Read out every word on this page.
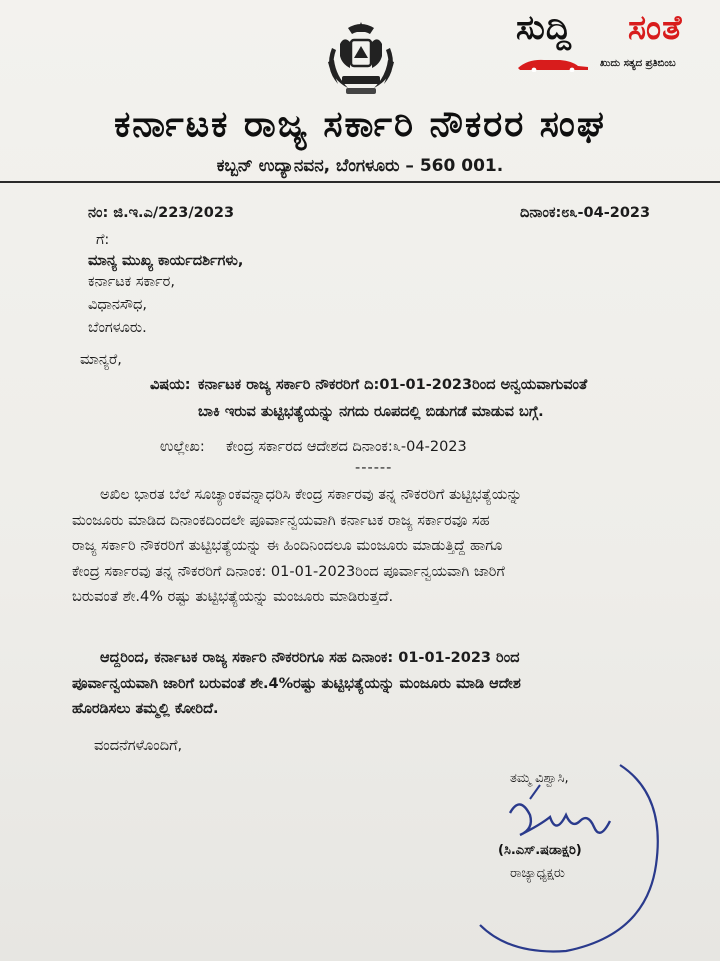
ಸುದ್ದಿ ಸಂತೆ
ಖುದು ಸತ್ಯದ ಪ್ರತಿಬಿಂಬ
ಕರ್ನಾಟಕ ರಾಜ್ಯ ಸರ್ಕಾರಿ ನೌಕರರ ಸಂಘ
ಕಬ್ಬನ್ ಉದ್ಯಾನವನ, ಬೆಂಗಳೂರು – 560 001.
ನಂ: ಜಿ.ಇ.ಎ/223/2023	ದಿನಾಂಕ:೮೩-04-2023
ಗೆ:
ಮಾನ್ಯ ಮುಖ್ಯ ಕಾರ್ಯದರ್ಶಿಗಳು,
ಕರ್ನಾಟಕ ಸರ್ಕಾರ,
ವಿಧಾನಸೌಧ,
ಬೆಂಗಳೂರು.
ಮಾನ್ಯರೆ,
ವಿಷಯ: ಕರ್ನಾಟಕ ರಾಜ್ಯ ಸರ್ಕಾರಿ ನೌಕರರಿಗೆ ದಿ:01-01-2023ರಿಂದ ಅನ್ವಯವಾಗುವಂತೆ
ಬಾಕಿ ಇರುವ ತುಟ್ಟಿಭತ್ಯೆಯನ್ನು ನಗದು ರೂಪದಲ್ಲಿ ಬಿಡುಗಡೆ ಮಾಡುವ ಬಗ್ಗೆ.
ಉಲ್ಲೇಖ: ಕೇಂದ್ರ ಸರ್ಕಾರದ ಆದೇಶದ ದಿನಾಂಕ:೩-04-2023
------
ಅಖಿಲ ಭಾರತ ಬೆಲೆ ಸೂಚ್ಯಾಂಕವನ್ನಾಧರಿಸಿ ಕೇಂದ್ರ ಸರ್ಕಾರವು ತನ್ನ ನೌಕರರಿಗೆ ತುಟ್ಟಿಭತ್ಯೆಯನ್ನು
ಮಂಜೂರು ಮಾಡಿದ ದಿನಾಂಕದಿಂದಲೇ ಪೂರ್ವಾನ್ವಯವಾಗಿ ಕರ್ನಾಟಕ ರಾಜ್ಯ ಸರ್ಕಾರವೂ ಸಹ
ರಾಜ್ಯ ಸರ್ಕಾರಿ ನೌಕರರಿಗೆ ತುಟ್ಟಿಭತ್ಯೆಯನ್ನು ಈ ಹಿಂದಿನಿಂದಲೂ ಮಂಜೂರು ಮಾಡುತ್ತಿದ್ದೆ ಹಾಗೂ
ಕೇಂದ್ರ ಸರ್ಕಾರವು ತನ್ನ ನೌಕರರಿಗೆ ದಿನಾಂಕ: 01-01-2023ರಿಂದ ಪೂರ್ವಾನ್ವಯವಾಗಿ ಜಾರಿಗೆ
ಬರುವಂತೆ ಶೇ.4% ರಷ್ಟು ತುಟ್ಟಿಭತ್ಯೆಯನ್ನು ಮಂಜೂರು ಮಾಡಿರುತ್ತದೆ.
ಆದ್ದರಿಂದ, ಕರ್ನಾಟಕ ರಾಜ್ಯ ಸರ್ಕಾರಿ ನೌಕರರಿಗೂ ಸಹ ದಿನಾಂಕ: 01-01-2023 ರಿಂದ
ಪೂರ್ವಾನ್ವಯವಾಗಿ ಜಾರಿಗೆ ಬರುವಂತೆ ಶೇ.4%ರಷ್ಟು ತುಟ್ಟಿಭತ್ಯೆಯನ್ನು ಮಂಜೂರು ಮಾಡಿ ಆದೇಶ
ಹೊರಡಿಸಲು ತಮ್ಮಲ್ಲಿ ಕೋರಿದೆ.
ವಂದನೆಗಳೊಂದಿಗೆ,
ತಮ್ಮ ವಿಶ್ವಾಸಿ,
(ಸಿ.ಎಸ್.ಷಡಾಕ್ಷರಿ)
ರಾಜ್ಯಾಧ್ಯಕ್ಷರು
